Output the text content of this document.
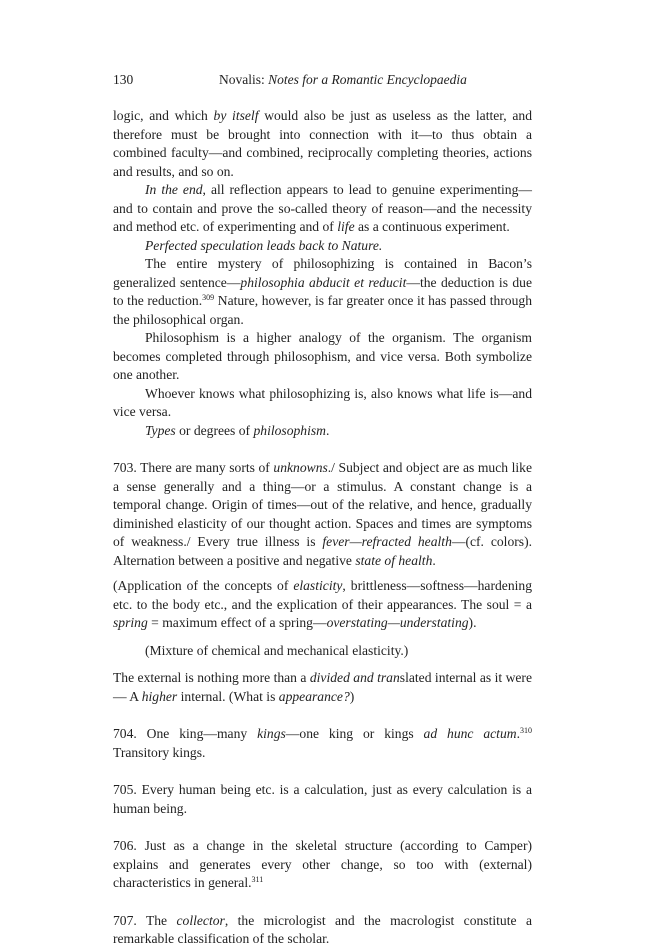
130	Novalis: Notes for a Romantic Encyclopaedia

logic, and which by itself would also be just as useless as the latter, and therefore must be brought into connection with it—to thus obtain a combined faculty—and combined, reciprocally completing theories, actions and results, and so on.

In the end, all reflection appears to lead to genuine experimenting—and to contain and prove the so-called theory of reason—and the necessity and method etc. of experimenting and of life as a continuous experiment.

Perfected speculation leads back to Nature.

The entire mystery of philosophizing is contained in Bacon’s generalized sentence—philosophia abducit et reducit—the deduction is due to the reduction.$^{309}$ Nature, however, is far greater once it has passed through the philosophical organ.

Philosophism is a higher analogy of the organism. The organism becomes completed through philosophism, and vice versa. Both symbolize one another.

Whoever knows what philosophizing is, also knows what life is—and vice versa.

Types or degrees of philosophism.

703. There are many sorts of unknowns./ Subject and object are as much like a sense generally and a thing—or a stimulus. A constant change is a temporal change. Origin of times—out of the relative, and hence, gradually diminished elasticity of our thought action. Spaces and times are symptoms of weakness./ Every true illness is fever—refracted health—(cf. colors). Alternation between a positive and negative state of health.

(Application of the concepts of elasticity, brittleness—softness—hardening etc. to the body etc., and the explication of their appearances. The soul = a spring = maximum effect of a spring—overstating—understating).

(Mixture of chemical and mechanical elasticity.)

The external is nothing more than a divided and translated internal as it were— A higher internal. (What is appearance?)

704. One king—many kings—one king or kings ad hunc actum.$^{310}$ Transitory kings.

705. Every human being etc. is a calculation, just as every calculation is a human being.

706. Just as a change in the skeletal structure (according to Camper) explains and generates every other change, so too with (external) characteristics in general.$^{311}$

707. The collector, the micrologist and the macrologist constitute a remarkable classification of the scholar.
